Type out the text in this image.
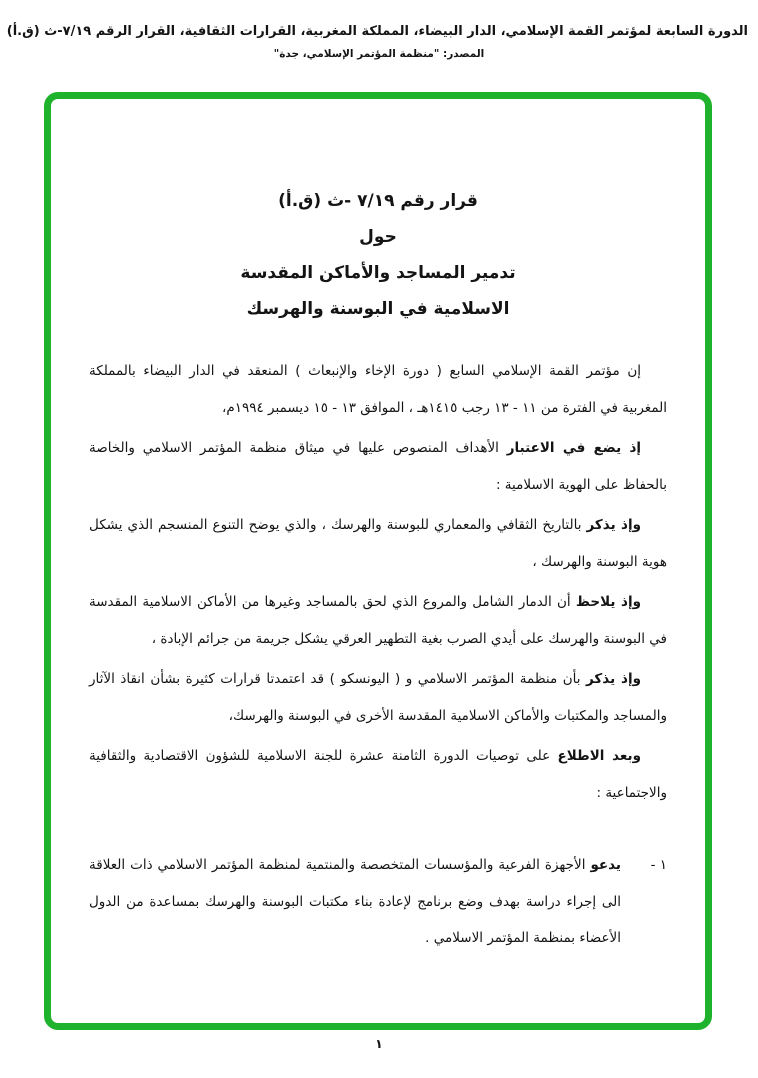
الدورة السابعة لمؤتمر القمة الإسلامي، الدار البيضاء، المملكة المغربية، القرارات الثقافية، القرار الرقم ٧/١٩-ث (ق.أ)
المصدر: "منظمة المؤتمر الإسلامي، جدة"
قرار رقم ٧/١٩ -ث (ق.أ)
حول
تدمير المساجد والأماكن المقدسة
الاسلامية في البوسنة والهرسك

إن مؤتمر القمة الإسلامي السابع ( دورة الإخاء والإنبعاث ) المنعقد في الدار البيضاء بالمملكة المغربية في الفترة من ١١ - ١٣ رجب ١٤١٥هـ ، الموافق ١٣ - ١٥ ديسمبر ١٩٩٤م،

إذ يضع في الاعتبار الأهداف المنصوص عليها في ميثاق منظمة المؤتمر الاسلامي والخاصة بالحفاظ على الهوية الاسلامية :

وإذ يذكر بالتاريخ الثقافي والمعماري للبوسنة والهرسك ، والذي يوضح التنوع المنسجم الذي يشكل هوية البوسنة والهرسك ،

وإذ يلاحظ أن الدمار الشامل والمروع الذي لحق بالمساجد وغيرها من الأماكن الاسلامية المقدسة في البوسنة والهرسك على أيدي الصرب بغية التطهير العرقي يشكل جريمة من جرائم الإبادة ،

وإذ يذكر بأن منظمة المؤتمر الاسلامي و ( اليونسكو ) قد اعتمدتا قرارات كثيرة بشأن انقاذ الآثار والمساجد والمكتبات والأماكن الاسلامية المقدسة الأخرى في البوسنة والهرسك،

وبعد الاطلاع على توصيات الدورة الثامنة عشرة للجنة الاسلامية للشؤون الاقتصادية والثقافية والاجتماعية :

١ -
يدعو الأجهزة الفرعية والمؤسسات المتخصصة والمنتمية لمنظمة المؤتمر الاسلامي ذات العلاقة الى إجراء دراسة بهدف وضع برنامج لإعادة بناء مكتبات البوسنة والهرسك بمساعدة من الدول الأعضاء بمنظمة المؤتمر الاسلامي .
١
